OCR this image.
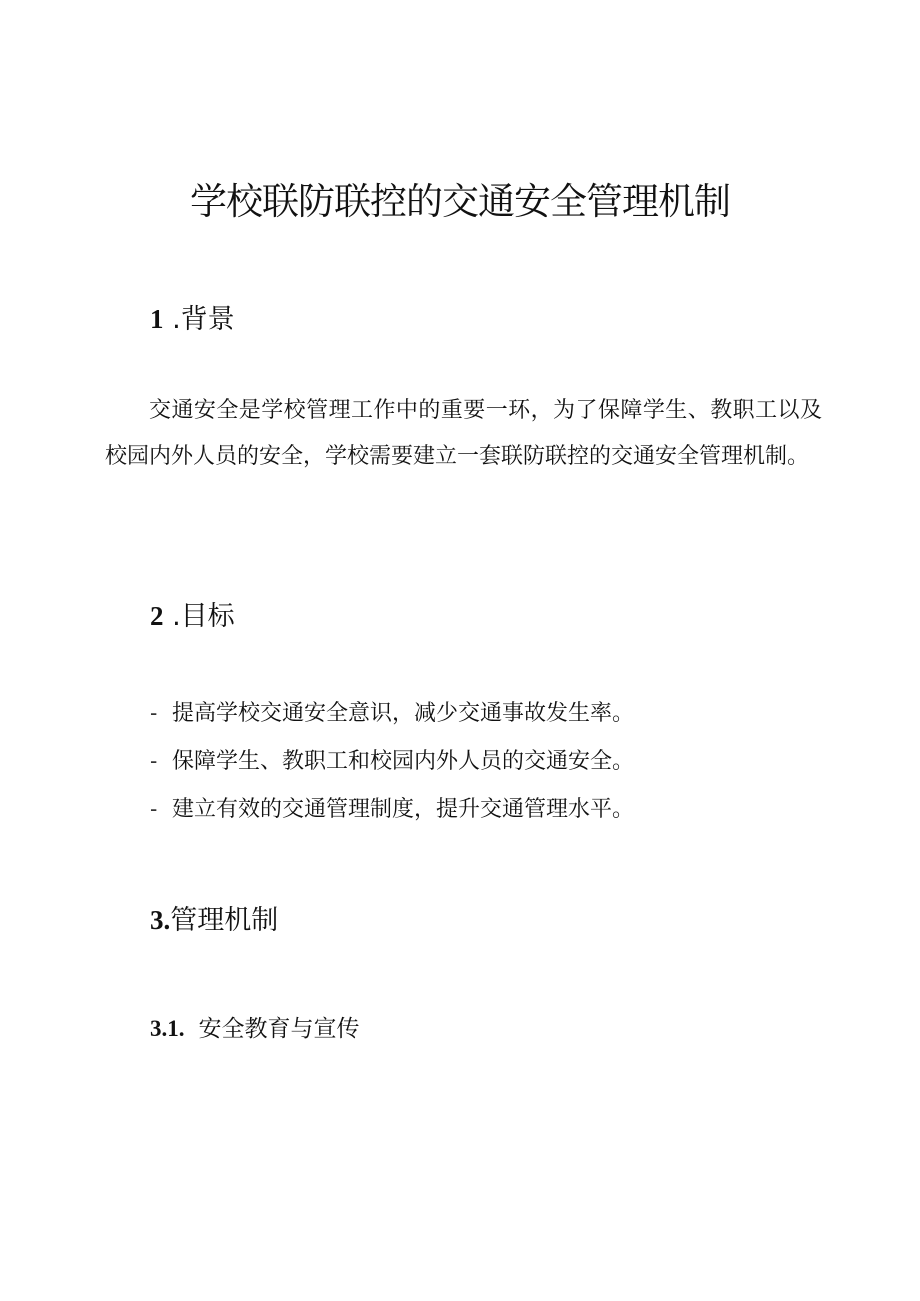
学校联防联控的交通安全管理机制
1 .背景

交通安全是学校管理工作中的重要一环，为了保障学生、教职工以及校园内外人员的安全，学校需要建立一套联防联控的交通安全管理机制。

2 .目标

- 提高学校交通安全意识，减少交通事故发生率。

- 保障学生、教职工和校园内外人员的交通安全。

- 建立有效的交通管理制度，提升交通管理水平。

3.管理机制
3.1. 安全教育与宣传
